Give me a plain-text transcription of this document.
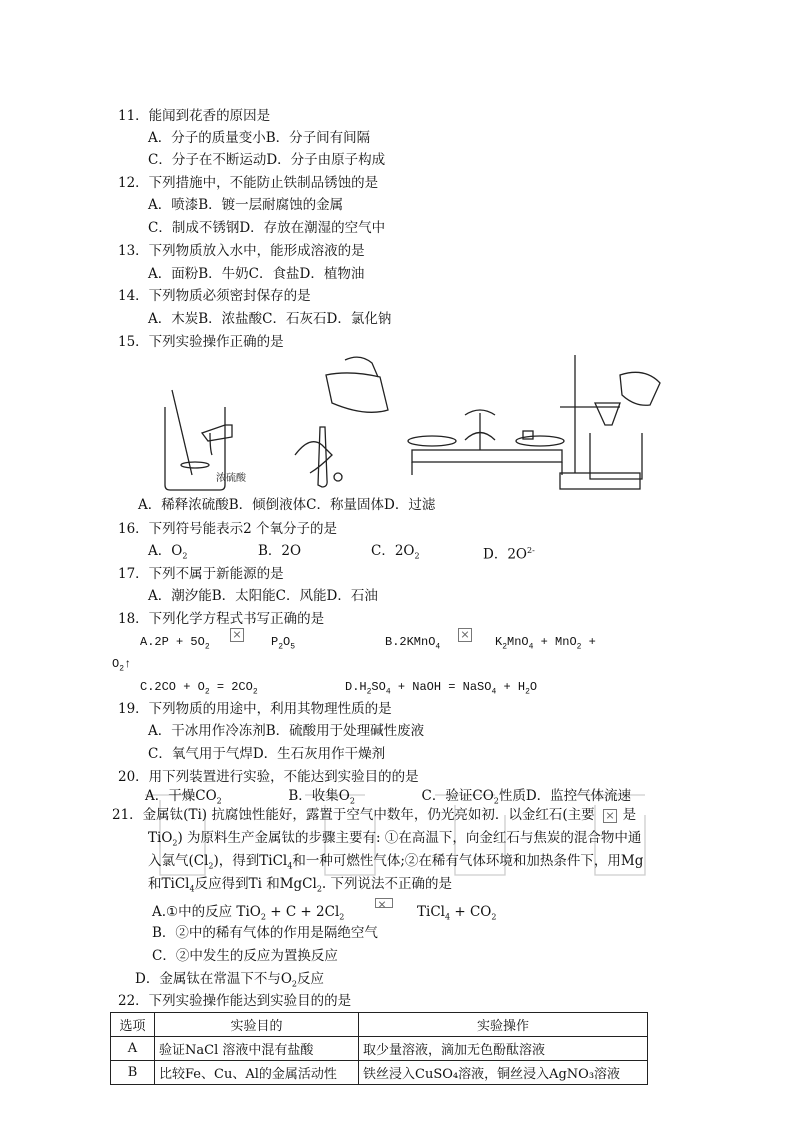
11．能闻到花香的原因是
A．分子的质量变小B．分子间有间隔
C．分子在不断运动D．分子由原子构成
12．下列措施中，不能防止铁制品锈蚀的是
A．喷漆B．镀一层耐腐蚀的金属
C．制成不锈钢D．存放在潮湿的空气中
13．下列物质放入水中，能形成溶液的是
A．面粉B．牛奶C．食盐D．植物油
14．下列物质必须密封保存的是
A．木炭B．浓盐酸C．石灰石D．氯化钠
15．下列实验操作正确的是
浓硫酸
A．稀释浓硫酸B．倾倒液体C．称量固体D．过滤
16．下列符号能表示2 个氧分子的是
A．$O_2$	B．2O	C．$2O_2$	D．$2O^{2-}$
17．下列不属于新能源的是
A．潮汐能B．太阳能C．风能D．石油
18．下列化学方程式书写正确的是
$A.2P + 5O_2$	$P_2O_5$	B.2KMnO$_4$	$K_2MnO_4 + MnO_2$ +
$O_2↑$
$C.2CO + O_2 = 2CO_2$	$D.H_2SO_4$ + NaOH = NaSO$_4$ + $H_2O$
19．下列物质的用途中，利用其物理性质的是
A．干冰用作冷冻剂B．硫酸用于处理碱性废液
C．氧气用于气焊D．生石灰用作干燥剂
20．用下列装置进行实验，不能达到实验目的的是
A．干燥$CO_2$	B．收集$O_2$	C．验证$CO_2$性质D．监控气体流速
21．金属钛(Ti) 抗腐蚀性能好，露置于空气中数年，仍光亮如初．以金红石(主要 是
TiO$_2$) 为原料生产金属钛的步骤主要有: ①在高温下，向金红石与焦炭的混合物中通
入氯气$(Cl_2)$，得到TiCl$_4$和一种可燃性气体;②在稀有气体环境和加热条件下，用Mg
和TiCl$_4$反应得到Ti 和MgCl$_2$. 下列说法不正确的是
A.①中的反应 $TiO_2 + C + 2Cl_2$	TiCl$_4$ + $CO_2$
B．②中的稀有气体的作用是隔绝空气
C．②中发生的反应为置换反应
D．金属钛在常温下不与$O_2$反应
22．下列实验操作能达到实验目的的是
选项	实验目的	实验操作
A	验证NaCl 溶液中混有盐酸	取少量溶液，滴加无色酚酞溶液
B	比较Fe、Cu、Al的金属活动性	铁丝浸入CuSO₄溶液，铜丝浸入AgNO₃溶液
